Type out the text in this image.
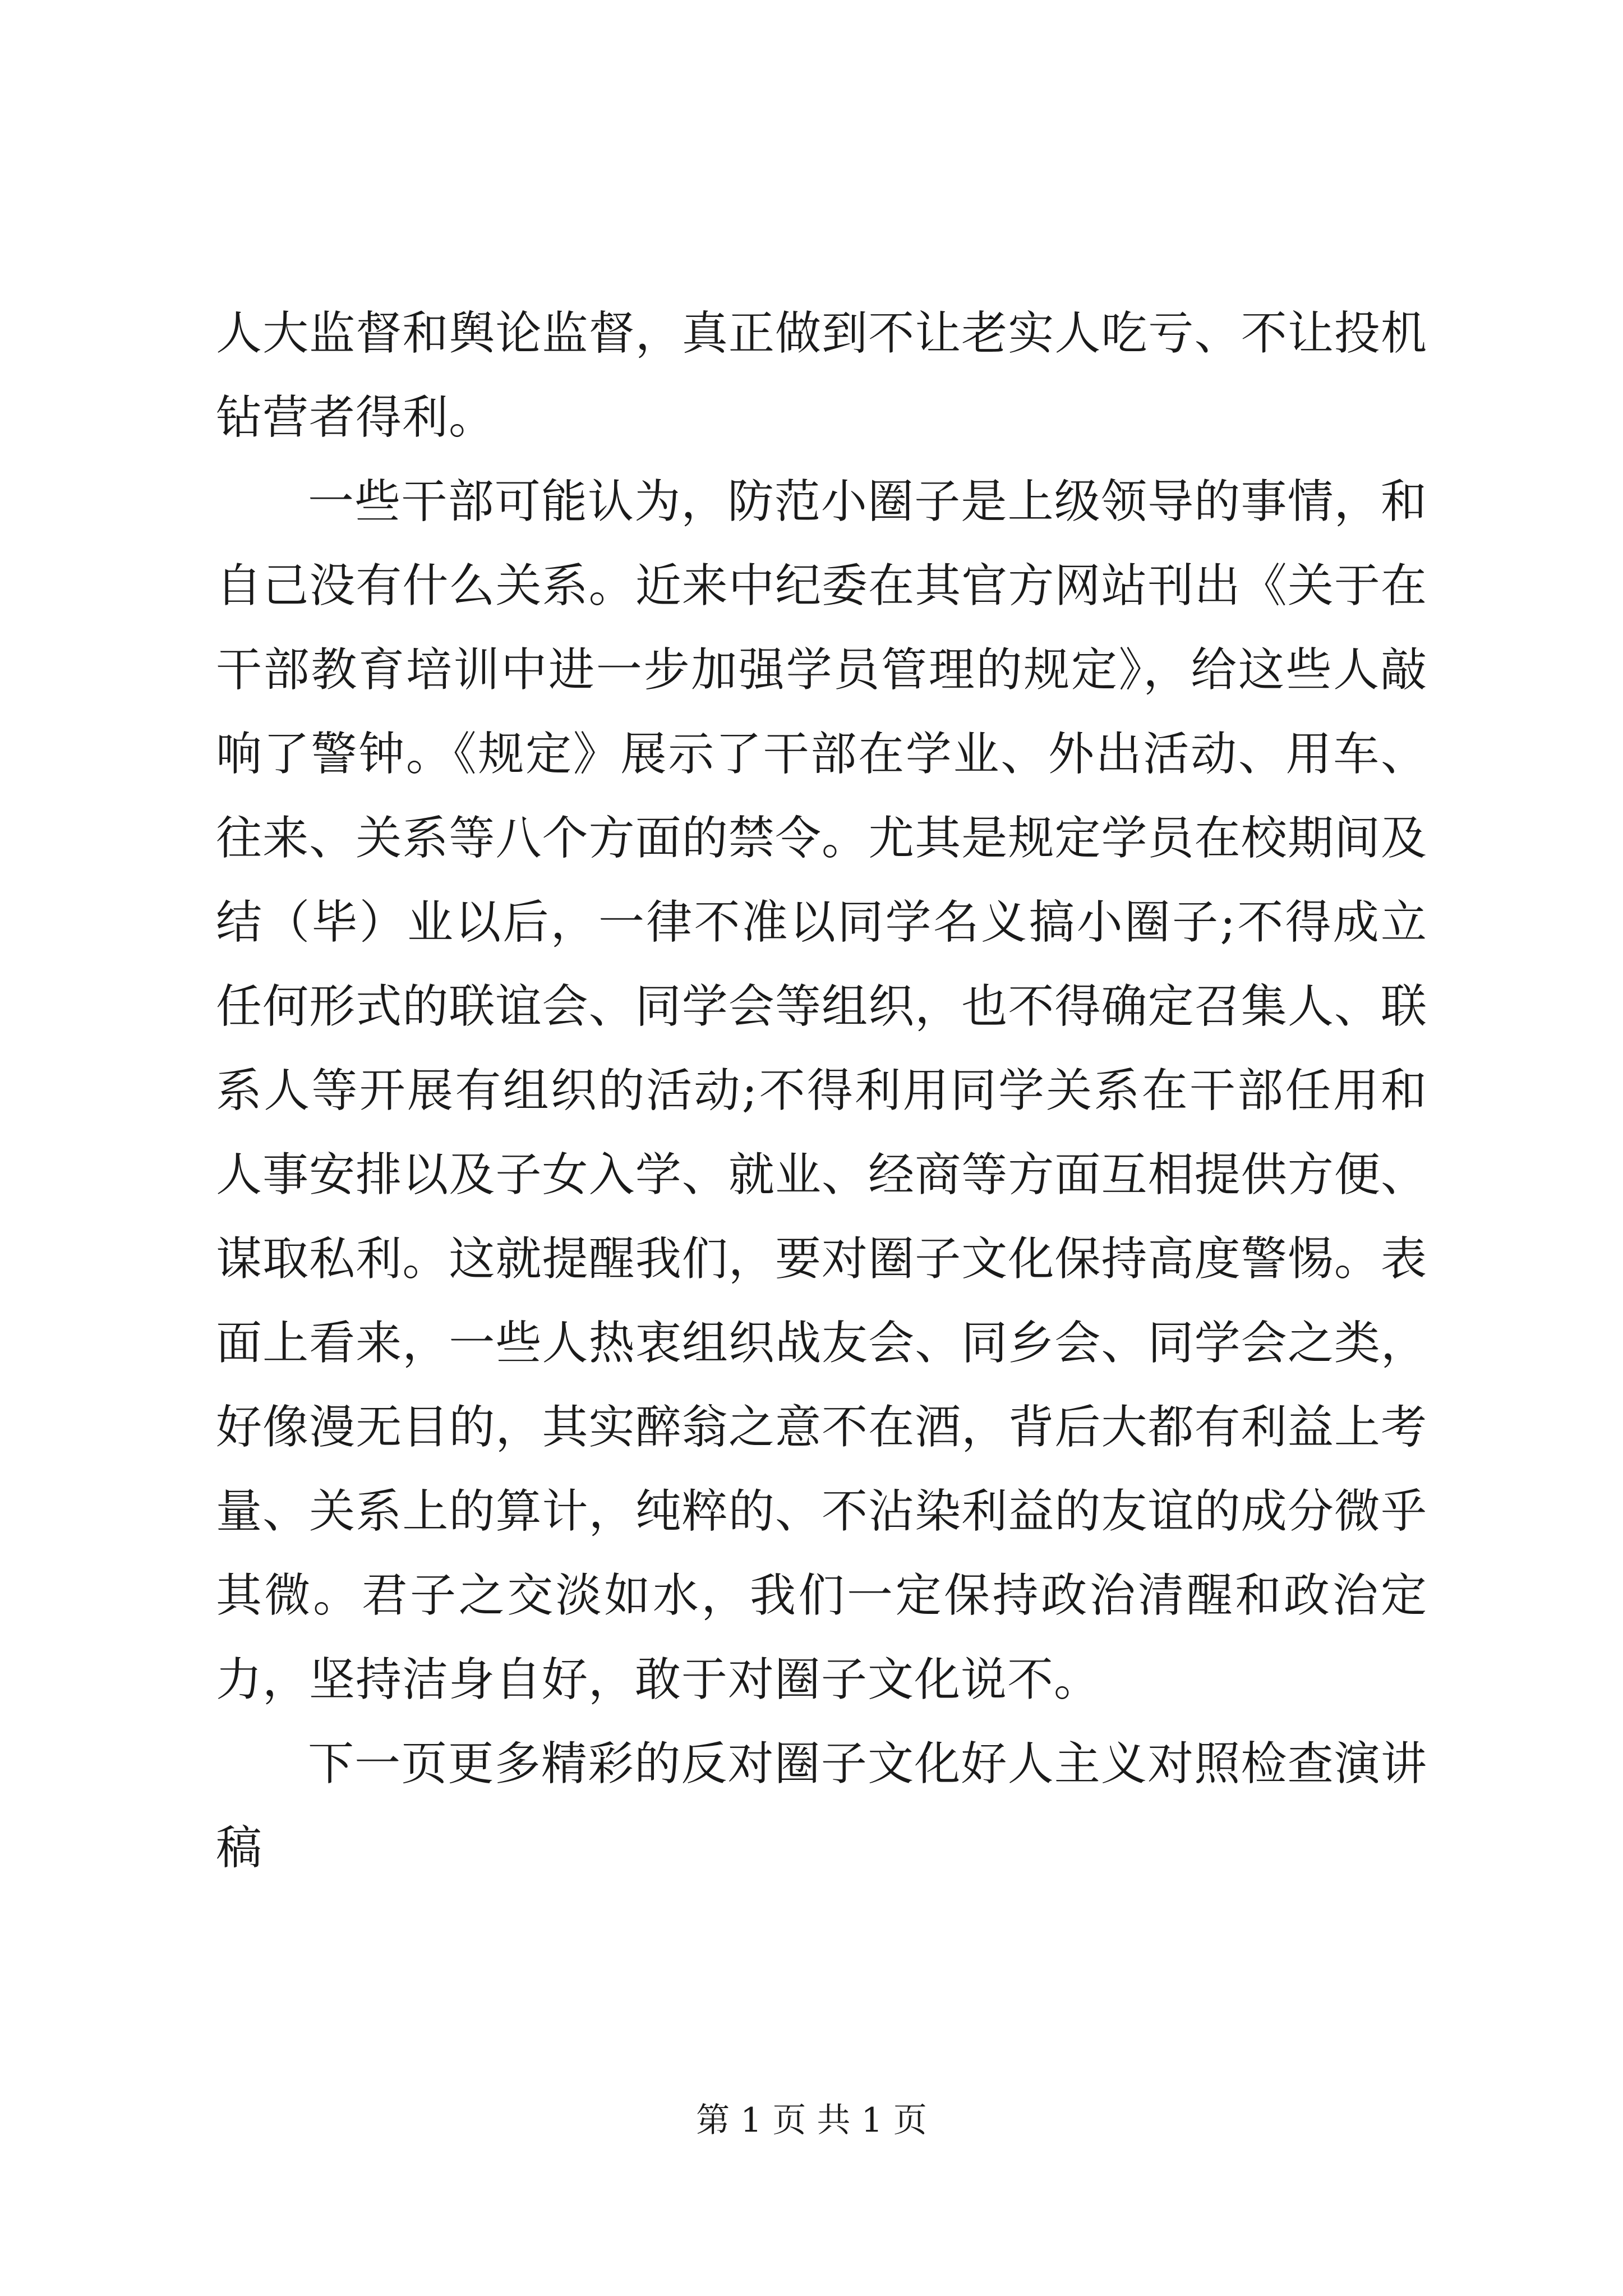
人大监督和舆论监督，真正做到不让老实人吃亏、不让投机钻营者得利。

一些干部可能认为，防范小圈子是上级领导的事情，和自己没有什么关系。近来中纪委在其官方网站刊出《关于在干部教育培训中进一步加强学员管理的规定》，给这些人敲响了警钟。《规定》展示了干部在学业、外出活动、用车、往来、关系等八个方面的禁令。尤其是规定学员在校期间及结（毕）业以后，一律不准以同学名义搞小圈子;不得成立任何形式的联谊会、同学会等组织，也不得确定召集人、联系人等开展有组织的活动;不得利用同学关系在干部任用和人事安排以及子女入学、就业、经商等方面互相提供方便、谋取私利。这就提醒我们，要对圈子文化保持高度警惕。表面上看来，一些人热衷组织战友会、同乡会、同学会之类，好像漫无目的，其实醉翁之意不在酒，背后大都有利益上考量、关系上的算计，纯粹的、不沾染利益的友谊的成分微乎其微。君子之交淡如水，我们一定保持政治清醒和政治定力，坚持洁身自好，敢于对圈子文化说不。

下一页更多精彩的反对圈子文化好人主义对照检查演讲稿

第 1 页 共 1 页
